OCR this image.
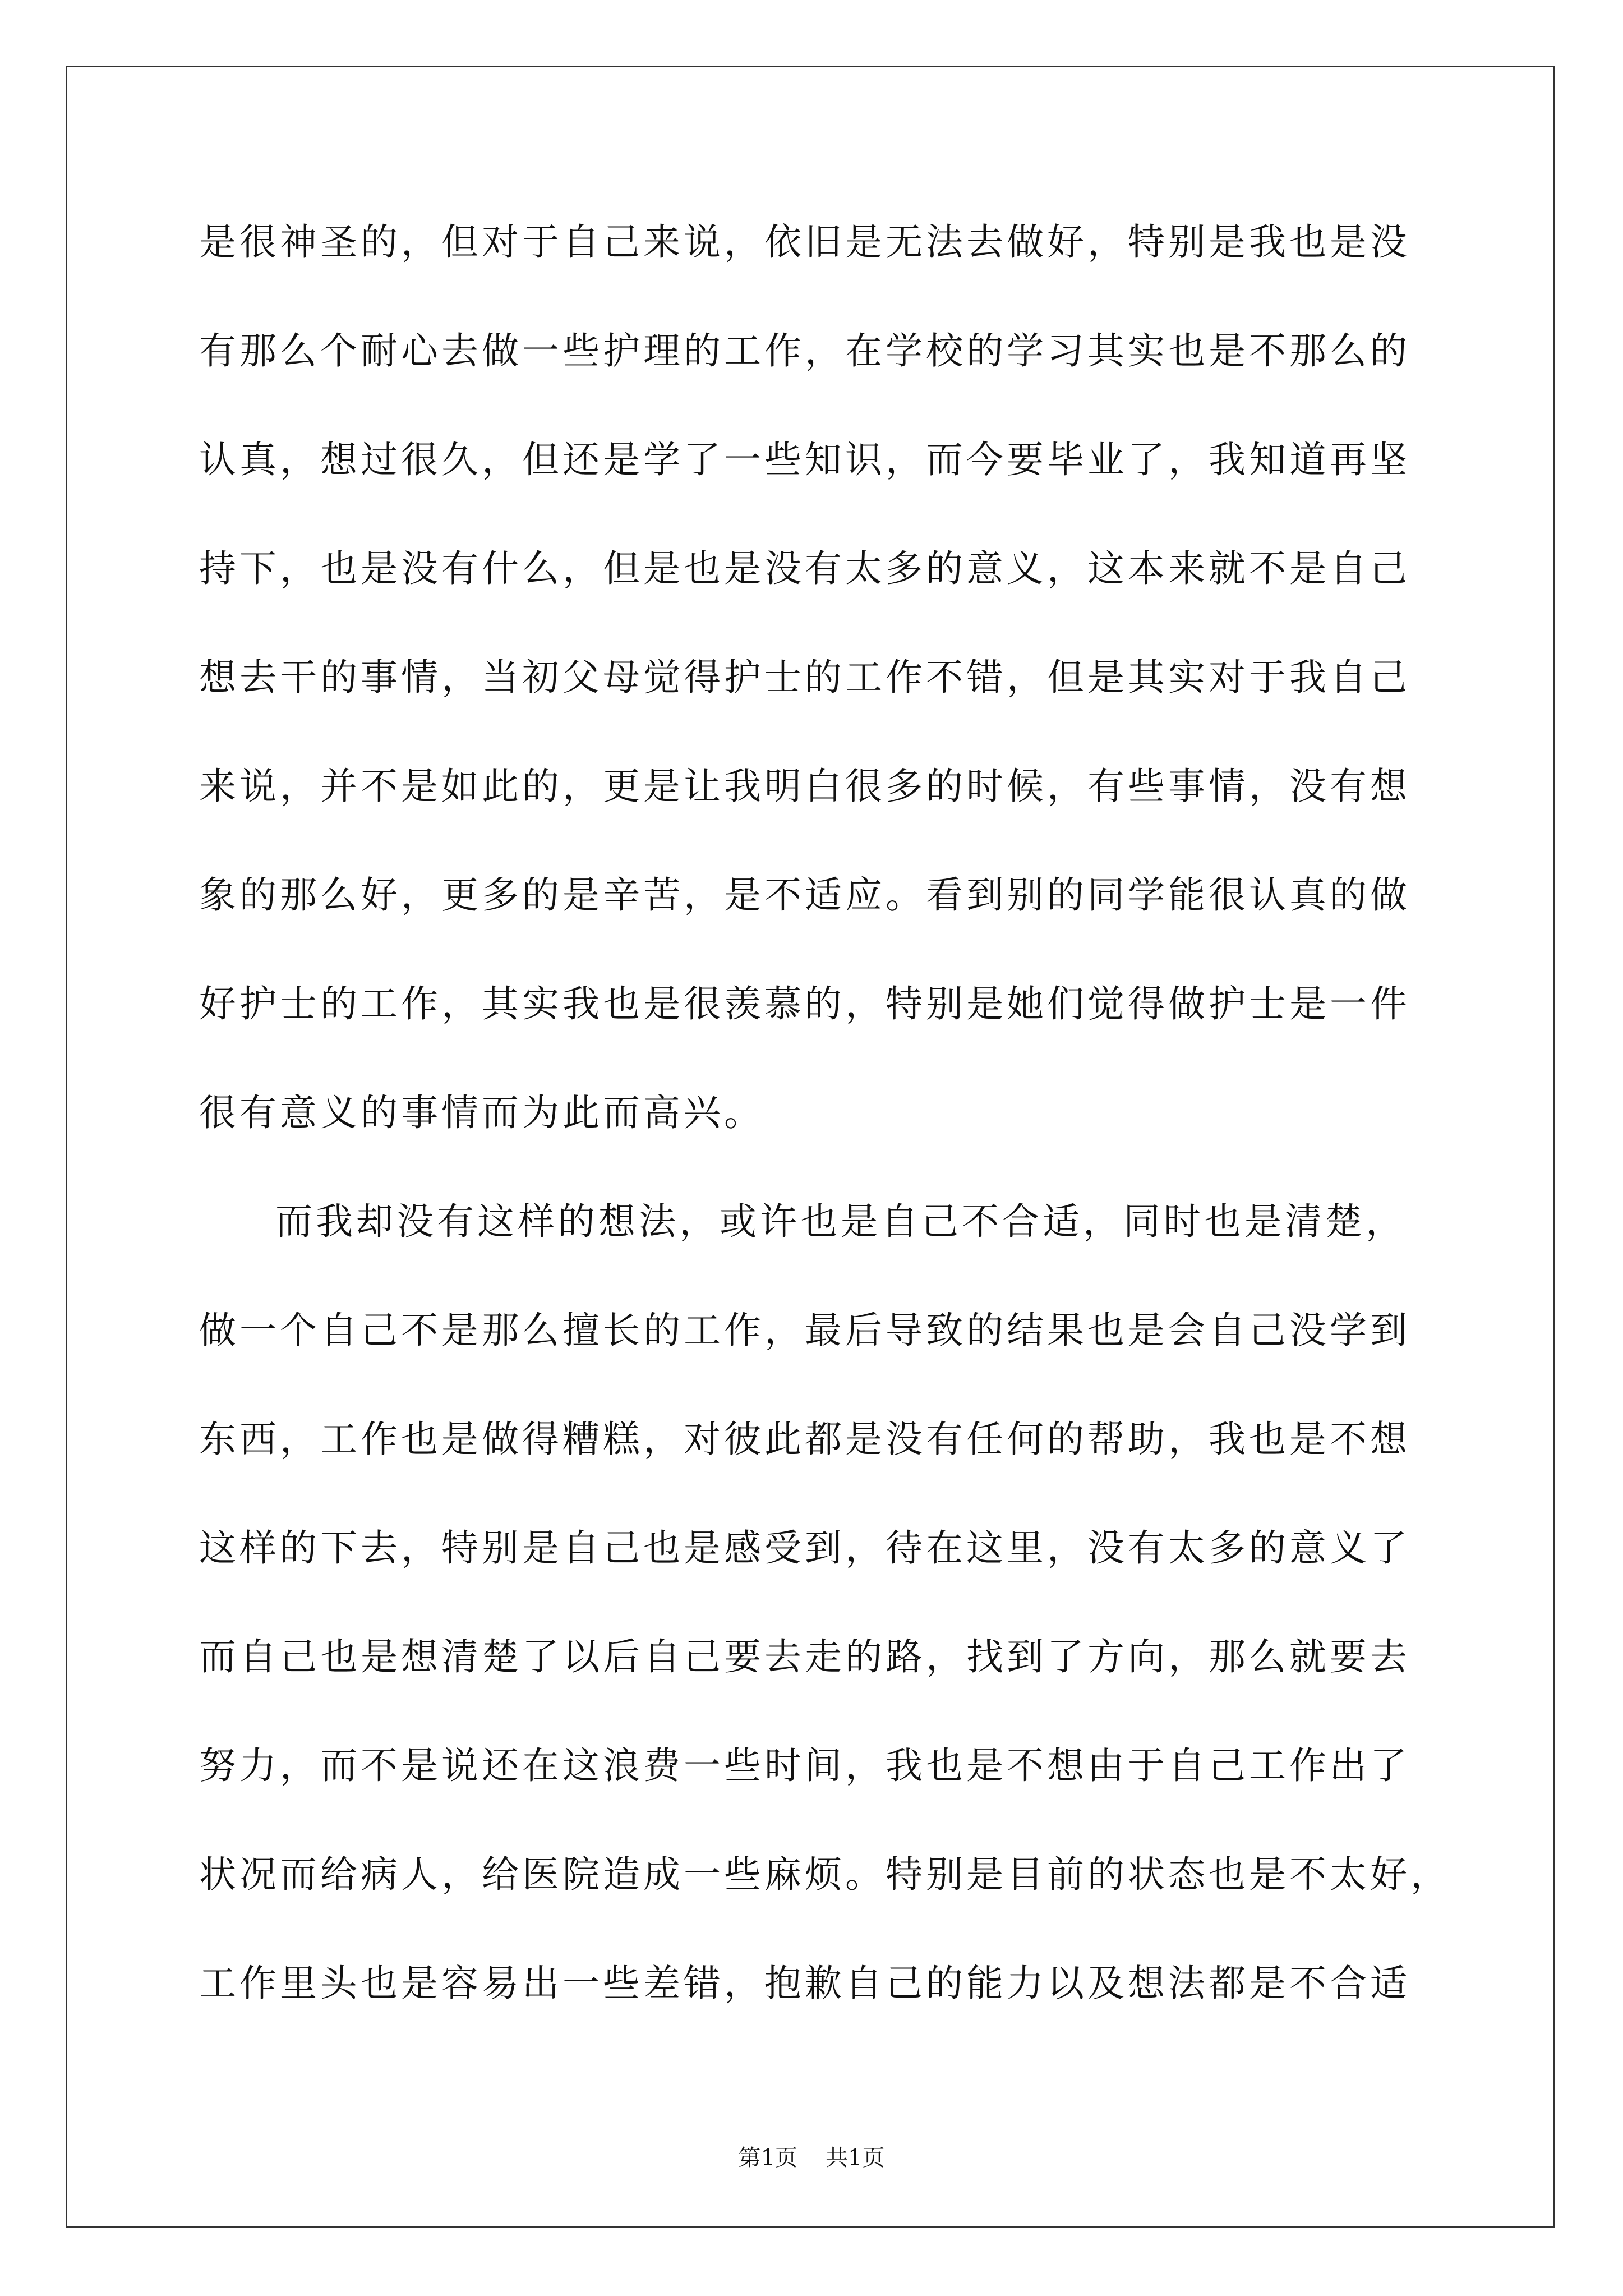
是很神圣的，但对于自己来说，依旧是无法去做好，特别是我也是没
有那么个耐心去做一些护理的工作，在学校的学习其实也是不那么的
认真，想过很久，但还是学了一些知识，而今要毕业了，我知道再坚
持下，也是没有什么，但是也是没有太多的意义，这本来就不是自己
想去干的事情，当初父母觉得护士的工作不错，但是其实对于我自己
来说，并不是如此的，更是让我明白很多的时候，有些事情，没有想
象的那么好，更多的是辛苦，是不适应。看到别的同学能很认真的做
好护士的工作，其实我也是很羡慕的，特别是她们觉得做护士是一件
很有意义的事情而为此而高兴。
而我却没有这样的想法，或许也是自己不合适，同时也是清楚，
做一个自己不是那么擅长的工作，最后导致的结果也是会自己没学到
东西，工作也是做得糟糕，对彼此都是没有任何的帮助，我也是不想
这样的下去，特别是自己也是感受到，待在这里，没有太多的意义了
而自己也是想清楚了以后自己要去走的路，找到了方向，那么就要去
努力，而不是说还在这浪费一些时间，我也是不想由于自己工作出了
状况而给病人，给医院造成一些麻烦。特别是目前的状态也是不太好，
工作里头也是容易出一些差错，抱歉自己的能力以及想法都是不合适
第1页 共1页
